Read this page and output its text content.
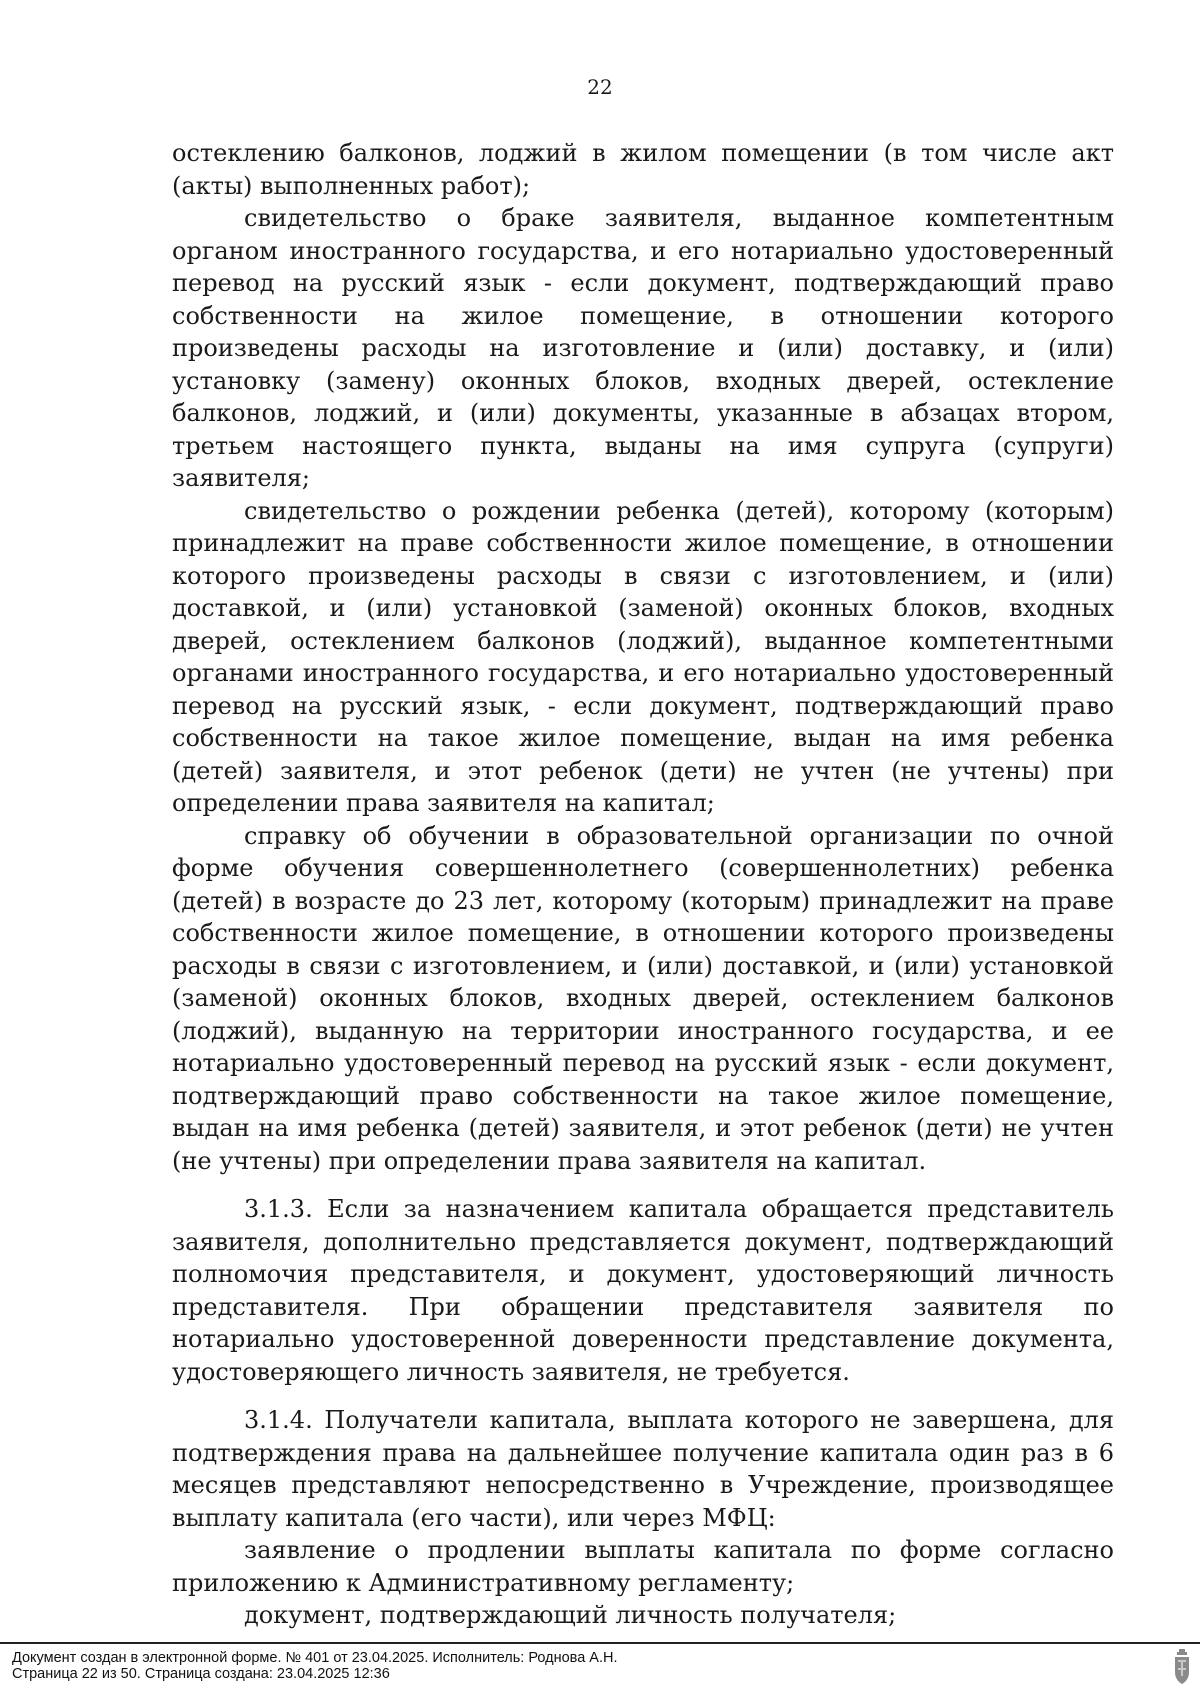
22

остеклению балконов, лоджий в жилом помещении (в том числе акт (акты) выполненных работ);

свидетельство о браке заявителя, выданное компетентным органом иностранного государства, и его нотариально удостоверенный перевод на русский язык - если документ, подтверждающий право собственности на жилое помещение, в отношении которого произведены расходы на изготовление и (или) доставку, и (или) установку (замену) оконных блоков, входных дверей, остекление балконов, лоджий, и (или) документы, указанные в абзацах втором, третьем настоящего пункта, выданы на имя супруга (супруги) заявителя;

свидетельство о рождении ребенка (детей), которому (которым) принадлежит на праве собственности жилое помещение, в отношении которого произведены расходы в связи с изготовлением, и (или) доставкой, и (или) установкой (заменой) оконных блоков, входных дверей, остеклением балконов (лоджий), выданное компетентными органами иностранного государства, и его нотариально удостоверенный перевод на русский язык, - если документ, подтверждающий право собственности на такое жилое помещение, выдан на имя ребенка (детей) заявителя, и этот ребенок (дети) не учтен (не учтены) при определении права заявителя на капитал;

справку об обучении в образовательной организации по очной форме обучения совершеннолетнего (совершеннолетних) ребенка (детей) в возрасте до 23 лет, которому (которым) принадлежит на праве собственности жилое помещение, в отношении которого произведены расходы в связи с изготовлением, и (или) доставкой, и (или) установкой (заменой) оконных блоков, входных дверей, остеклением балконов (лоджий), выданную на территории иностранного государства, и ее нотариально удостоверенный перевод на русский язык - если документ, подтверждающий право собственности на такое жилое помещение, выдан на имя ребенка (детей) заявителя, и этот ребенок (дети) не учтен (не учтены) при определении права заявителя на капитал.

3.1.3. Если за назначением капитала обращается представитель заявителя, дополнительно представляется документ, подтверждающий полномочия представителя, и документ, удостоверяющий личность представителя. При обращении представителя заявителя по нотариально удостоверенной доверенности представление документа, удостоверяющего личность заявителя, не требуется.

3.1.4. Получатели капитала, выплата которого не завершена, для подтверждения права на дальнейшее получение капитала один раз в 6 месяцев представляют непосредственно в Учреждение, производящее выплату капитала (его части), или через МФЦ:

заявление о продлении выплаты капитала по форме согласно приложению к Административному регламенту;

документ, подтверждающий личность получателя;

Документ создан в электронной форме. № 401 от 23.04.2025. Исполнитель: Роднова А.Н.
Страница 22 из 50. Страница создана: 23.04.2025 12:36
